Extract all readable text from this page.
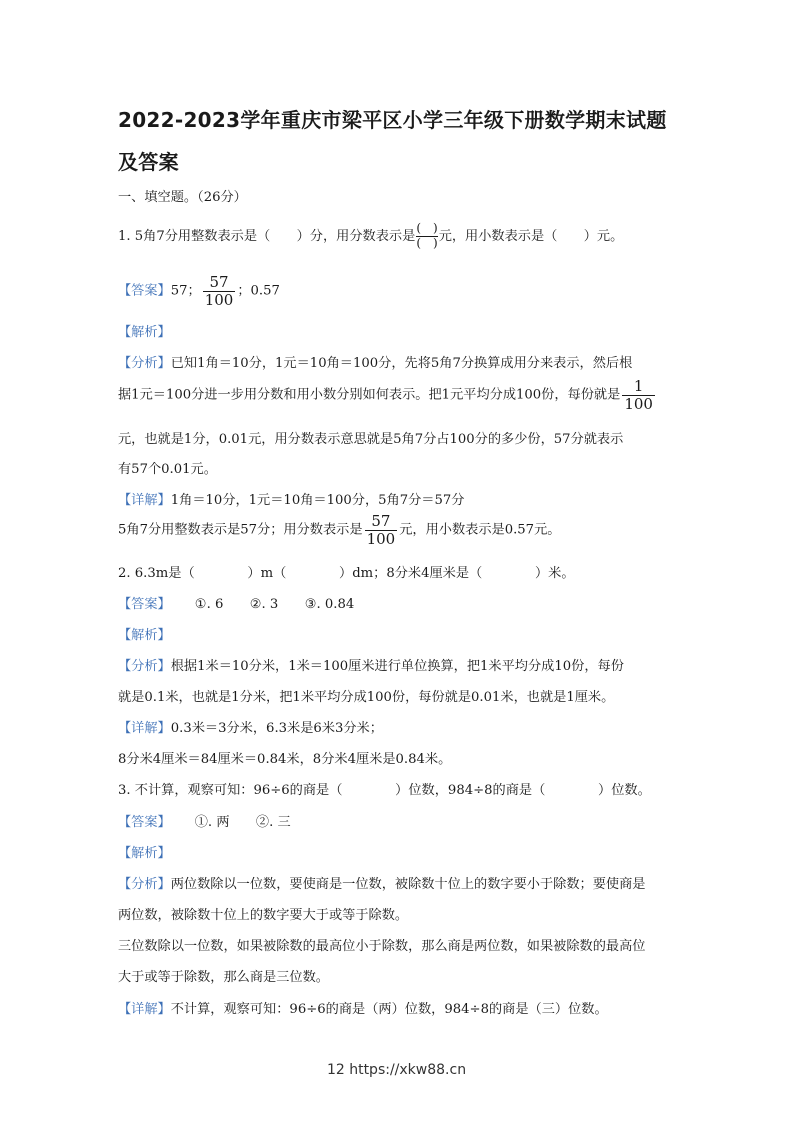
2022-2023学年重庆市梁平区小学三年级下册数学期末试题
及答案
一、填空题。（26分）
1. 5角7分用整数表示是（　　）分，用分数表示是 $\frac{( )}{( )}$元，用小数表示是（　　）元。
【答案】57； $\frac{57}{100}$ ；0.57
【解析】
【分析】已知1角＝10分，1元＝10角＝100分，先将5角7分换算成用分来表示，然后根
据1元＝100分进一步用分数和用小数分别如何表示。把1元平均分成100份，每份就是 $\frac{1}{100}$
元，也就是1分，0.01元，用分数表示意思就是5角7分占100分的多少份，57分就表示
有57个0.01元。
【详解】1角＝10分，1元＝10角＝100分，5角7分＝57分
5角7分用整数表示是57分；用分数表示是 $\frac{57}{100}$ 元，用小数表示是0.57元。
2. 6.3m是（　　　　）m（　　　　）dm；8分米4厘米是（　　　　）米。
【答案】 ①. 6　　②. 3　　③. 0.84
【解析】
【分析】根据1米＝10分米，1米＝100厘米进行单位换算，把1米平均分成10份，每份
就是0.1米，也就是1分米，把1米平均分成100份，每份就是0.01米，也就是1厘米。
【详解】0.3米＝3分米，6.3米是6米3分米；
8分米4厘米＝84厘米＝0.84米，8分米4厘米是0.84米。
3. 不计算，观察可知：96÷6的商是（　　　　）位数，984÷8的商是（　　　　）位数。
【答案】 ①. 两　　②. 三
【解析】
【分析】两位数除以一位数，要使商是一位数，被除数十位上的数字要小于除数；要使商是
两位数，被除数十位上的数字要大于或等于除数。
三位数除以一位数，如果被除数的最高位小于除数，那么商是两位数，如果被除数的最高位
大于或等于除数，那么商是三位数。
【详解】不计算，观察可知：96÷6的商是（两）位数，984÷8的商是（三）位数。
12 https://xkw88.cn
